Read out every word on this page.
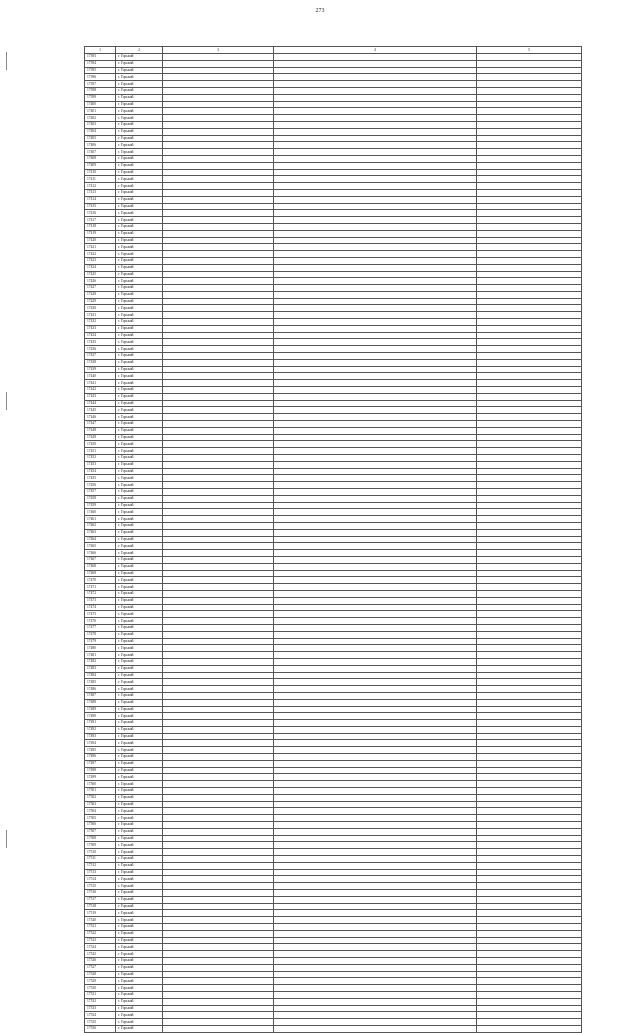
273
1	2	3	4	5
17393	г. Горький			
17394	г. Горький			
17395	г. Горький			
17396	г. Горький			
17397	г. Горький			
17398	г. Горький			
17399	г. Горький			
17400	г. Горький			
17401	г. Горький			
17402	г. Горький			
17403	г. Горький			
17404	г. Горький			
17405	г. Горький			
17406	г. Горький			
17407	г. Горький			
17408	г. Горький			
17409	г. Горький			
17410	г. Горький			
17411	г. Горький			
17412	г. Горький			
17413	г. Горький			
17414	г. Горький			
17415	г. Горький			
17416	г. Горький			
17417	г. Горький			
17418	г. Горький			
17419	г. Горький			
17420	г. Горький			
17421	г. Горький			
17422	г. Горький			
17423	г. Горький			
17424	г. Горький			
17425	г. Горький			
17426	г. Горький			
17427	г. Горький			
17428	г. Горький			
17429	г. Горький			
17430	г. Горький			
17431	г. Горький			
17432	г. Горький			
17433	г. Горький			
17434	г. Горький			
17435	г. Горький			
17436	г. Горький			
17437	г. Горький			
17438	г. Горький			
17439	г. Горький			
17440	г. Горький			
17441	г. Горький			
17442	г. Горький			
17443	г. Горький			
17444	г. Горький			
17445	г. Горький			
17446	г. Горький			
17447	г. Горький			
17448	г. Горький			
17449	г. Горький			
17450	г. Горький			
17451	г. Горький			
17452	г. Горький			
17453	г. Горький			
17454	г. Горький			
17455	г. Горький			
17456	г. Горький			
17457	г. Горький			
17458	г. Горький			
17459	г. Горький			
17460	г. Горький			
17461	г. Горький			
17462	г. Горький			
17463	г. Горький			
17464	г. Горький			
17465	г. Горький			
17466	г. Горький			
17467	г. Горький			
17468	г. Горький			
17469	г. Горький			
17470	г. Горький			
17471	г. Горький			
17472	г. Горький			
17473	г. Горький			
17474	г. Горький			
17475	г. Горький			
17476	г. Горький			
17477	г. Горький			
17478	г. Горький			
17479	г. Горький			
17480	г. Горький			
17481	г. Горький			
17482	г. Горький			
17483	г. Горький			
17484	г. Горький			
17485	г. Горький			
17486	г. Горький			
17487	г. Горький			
17488	г. Горький			
17489	г. Горький			
17490	г. Горький			
17491	г. Горький			
17492	г. Горький			
17493	г. Горький			
17494	г. Горький			
17495	г. Горький			
17496	г. Горький			
17497	г. Горький			
17498	г. Горький			
17499	г. Горький			
17500	г. Горький			
17501	г. Горький			
17502	г. Горький			
17503	г. Горький			
17504	г. Горький			
17505	г. Горький			
17506	г. Горький			
17507	г. Горький			
17508	г. Горький			
17509	г. Горький			
17510	г. Горький			
17511	г. Горький			
17512	г. Горький			
17513	г. Горький			
17514	г. Горький			
17515	г. Горький			
17516	г. Горький			
17517	г. Горький			
17518	г. Горький			
17519	г. Горький			
17520	г. Горький			
17521	г. Горький			
17522	г. Горький			
17523	г. Горький			
17524	г. Горький			
17525	г. Горький			
17526	г. Горький			
17527	г. Горький			
17528	г. Горький			
17529	г. Горький			
17530	г. Горький			
17531	г. Горький			
17532	г. Горький			
17533	г. Горький			
17534	г. Горький			
17535	г. Горький			
17536	г. Горький			
